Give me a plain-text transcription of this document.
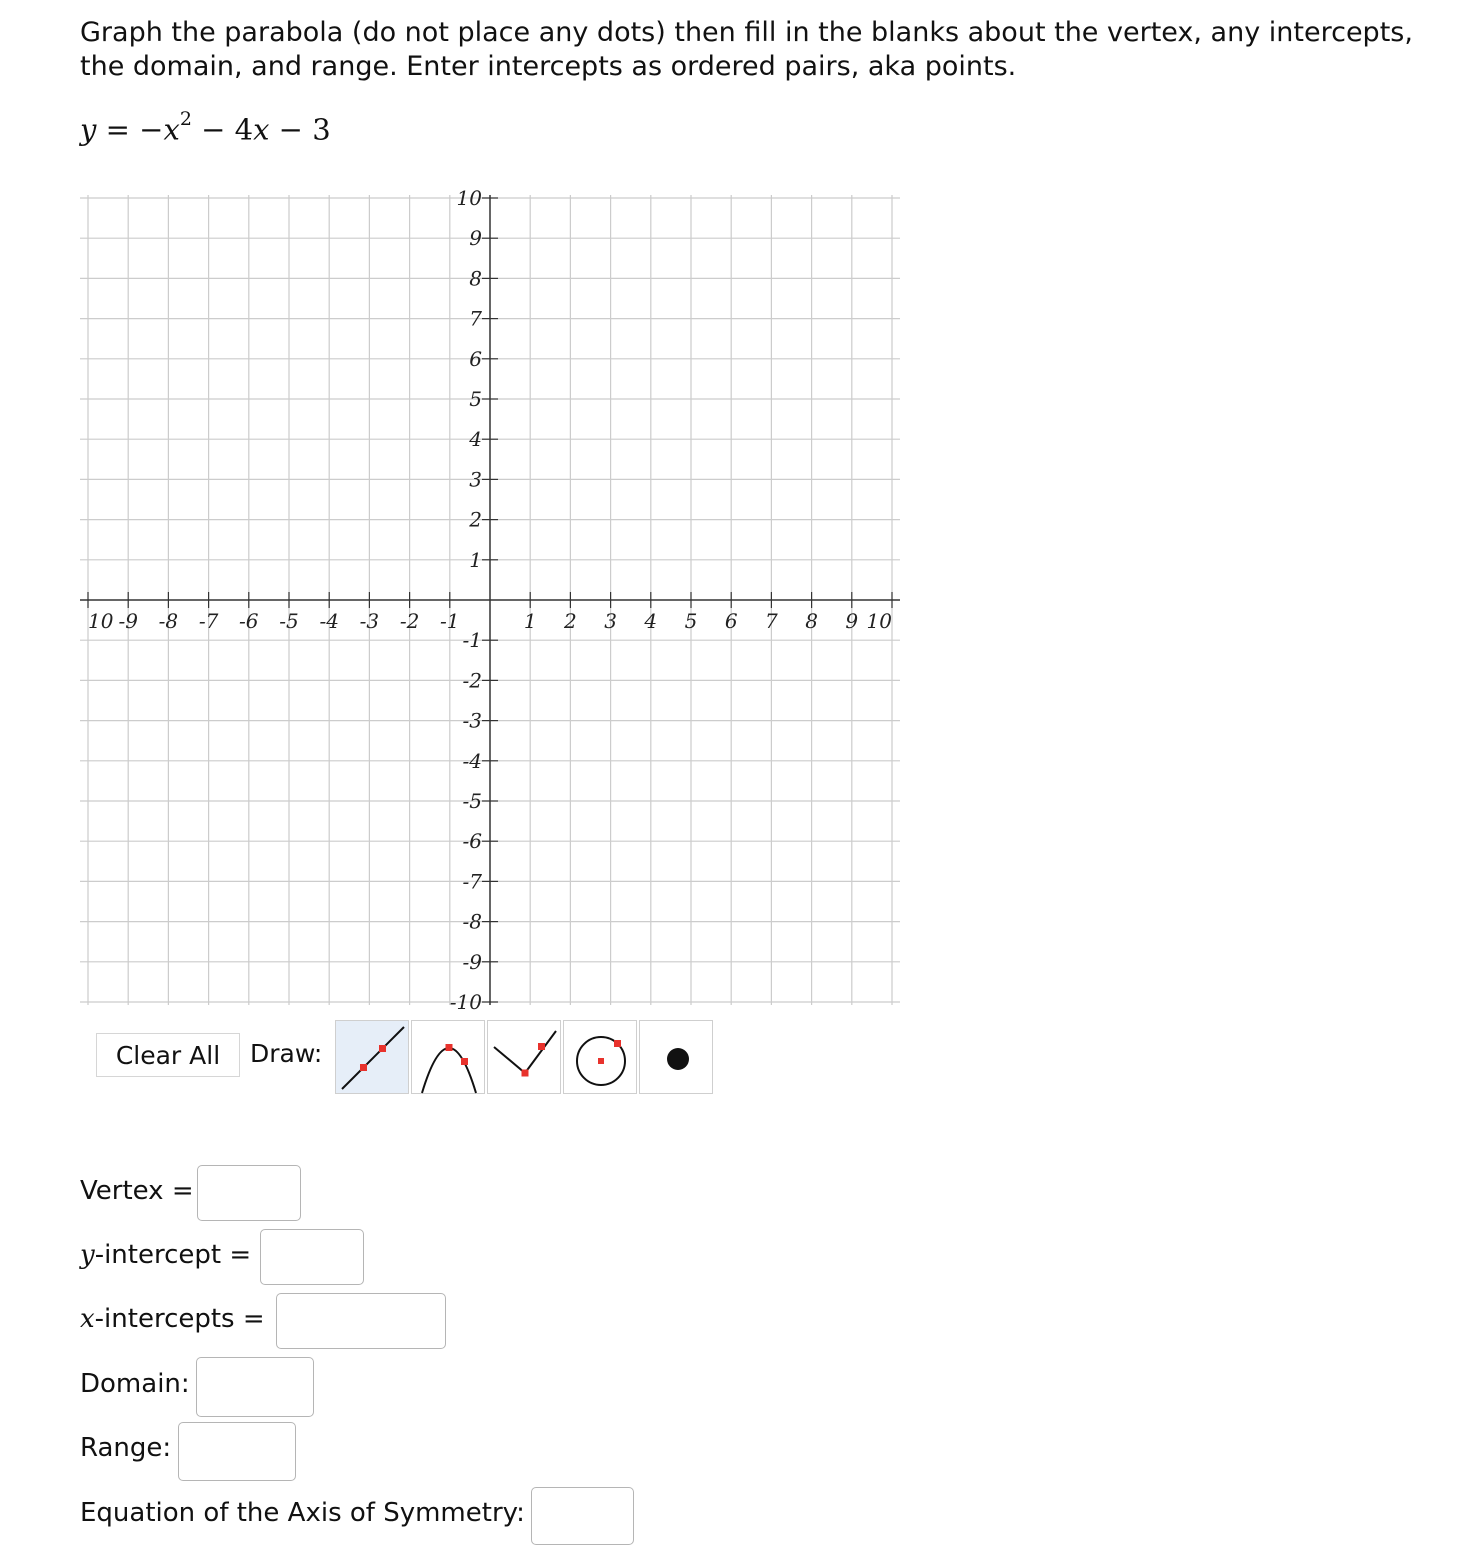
Graph the parabola (do not place any dots) then fill in the blanks about the vertex, any intercepts, the domain, and range. Enter intercepts as ordered pairs, aka points.

$y = -x^2 - 4x - 3$
10 -9 -8 -7 -6 -5 -4 -3 -2 -1	1 2 3 4 5 6 7 8 9 10
10
9
8
7
6
5
4
3
2
1
-1
-2
-3
-4
-5
-6
-7
-8
-9
-10
Clear All	Draw:
Vertex =
y-intercept =
x-intercepts =
Domain:
Range:
Equation of the Axis of Symmetry:
